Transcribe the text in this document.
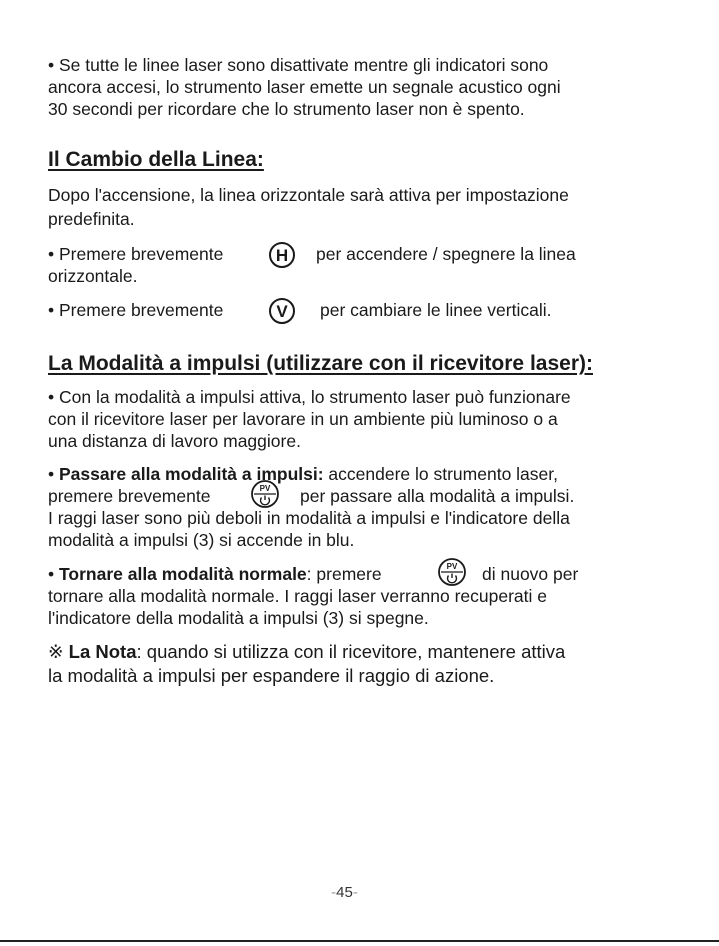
• Se tutte le linee laser sono disattivate mentre gli indicatori sono
ancora accesi, lo strumento laser emette un segnale acustico ogni
30 secondi per ricordare che lo strumento laser non è spento.
Il Cambio della Linea:
Dopo l'accensione, la linea orizzontale sarà attiva per impostazione
predefinita.
• Premere brevemente	H per accendere / spegnere la linea
orizzontale.
• Premere brevemente	V per cambiare le linee verticali.
La Modalità a impulsi (utilizzare con il ricevitore laser):
• Con la modalità a impulsi attiva, lo strumento laser può funzionare
con il ricevitore laser per lavorare in un ambiente più luminoso o a
una distanza di lavoro maggiore.
• Passare alla modalità a impulsi: accendere lo strumento laser,
premere brevemente	PV per passare alla modalità a impulsi.
I raggi laser sono più deboli in modalità a impulsi e l'indicatore della
modalità a impulsi (3) si accende in blu.
• Tornare alla modalità normale: premere	PV di nuovo per
tornare alla modalità normale. I raggi laser verranno recuperati e
l'indicatore della modalità a impulsi (3) si spegne.
※ La Nota: quando si utilizza con il ricevitore, mantenere attiva
la modalità a impulsi per espandere il raggio di azione.
-45-
